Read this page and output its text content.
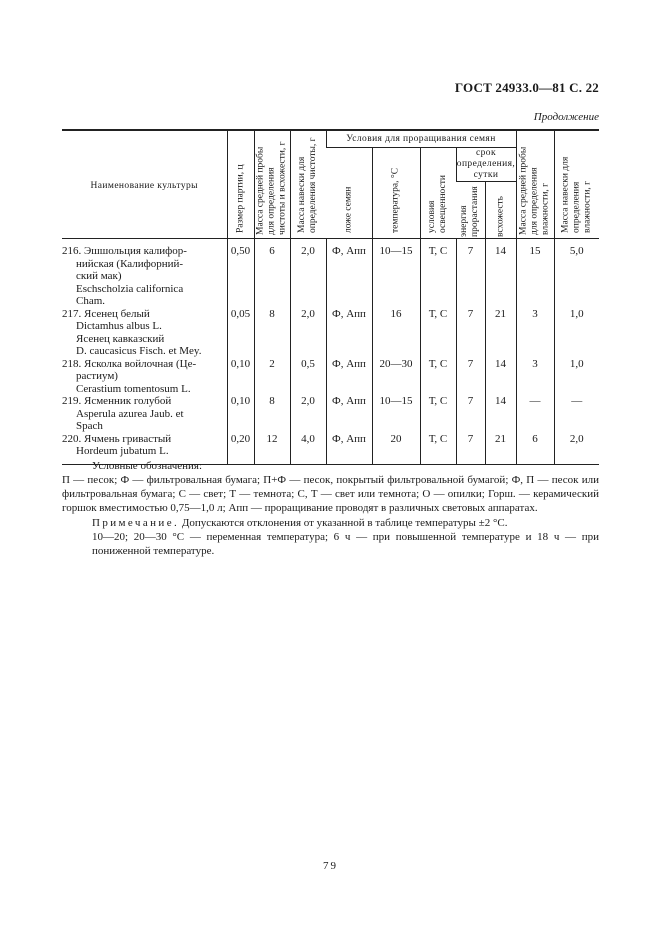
ГОСТ 24933.0—81 С. 22
Продолжение
Наименование культуры	Размер партии, ц	Масса средней пробы для определения чистоты и всхожести, г	Масса навески для определения чистоты, г	Условия для проращивания семян					Масса средней пробы для определения влажности, г	Масса навески для определения влажности, г

				ложе семян	температура, °С	условия освещенности	срок определения, сутки			

							энергия прорастания	всхожесть		

216. Эшшольция калифор-
нийская (Калифорний-
ский мак)
Eschscholzia californica
Cham.	0,50	6	2,0	Ф, Апп	10—15	Т, С	7	14	15	5,0

217. Ясенец белый
Dictamhus albus L.
Ясенец кавказский
D. caucasicus Fisch. et Mey.	0,05	8	2,0	Ф, Апп	16	Т, С	7	21	3	1,0

218. Ясколка войлочная (Це-
растиум)
Cerastium tomentosum L.	0,10	2	0,5	Ф, Апп	20—30	Т, С	7	14	3	1,0

219. Ясменник голубой
Asperula azurea Jaub. et
Spach	0,10	8	2,0	Ф, Апп	10—15	Т, С	7	14	—	—

220. Ячмень гривастый
Hordeum jubatum L.	0,20	12	4,0	Ф, Апп	20	Т, С	7	21	6	2,0
Условные обозначения:
П — песок; Ф — фильтровальная бумага; П+Ф — песок, покрытый фильтровальной бумагой; Ф, П — песок или фильтровальная бумага; С — свет; Т — темнота; С, Т — свет или темнота; О — опилки; Горш. — керамический горшок вместимостью 0,75—1,0 л; Апп — проращивание проводят в различных световых аппаратах.
Примечание. Допускаются отклонения от указанной в таблице температуры ±2 °С.
10—20; 20—30 °С — переменная температура; 6 ч — при повышенной температуре и 18 ч — при пониженной температуре.
79
